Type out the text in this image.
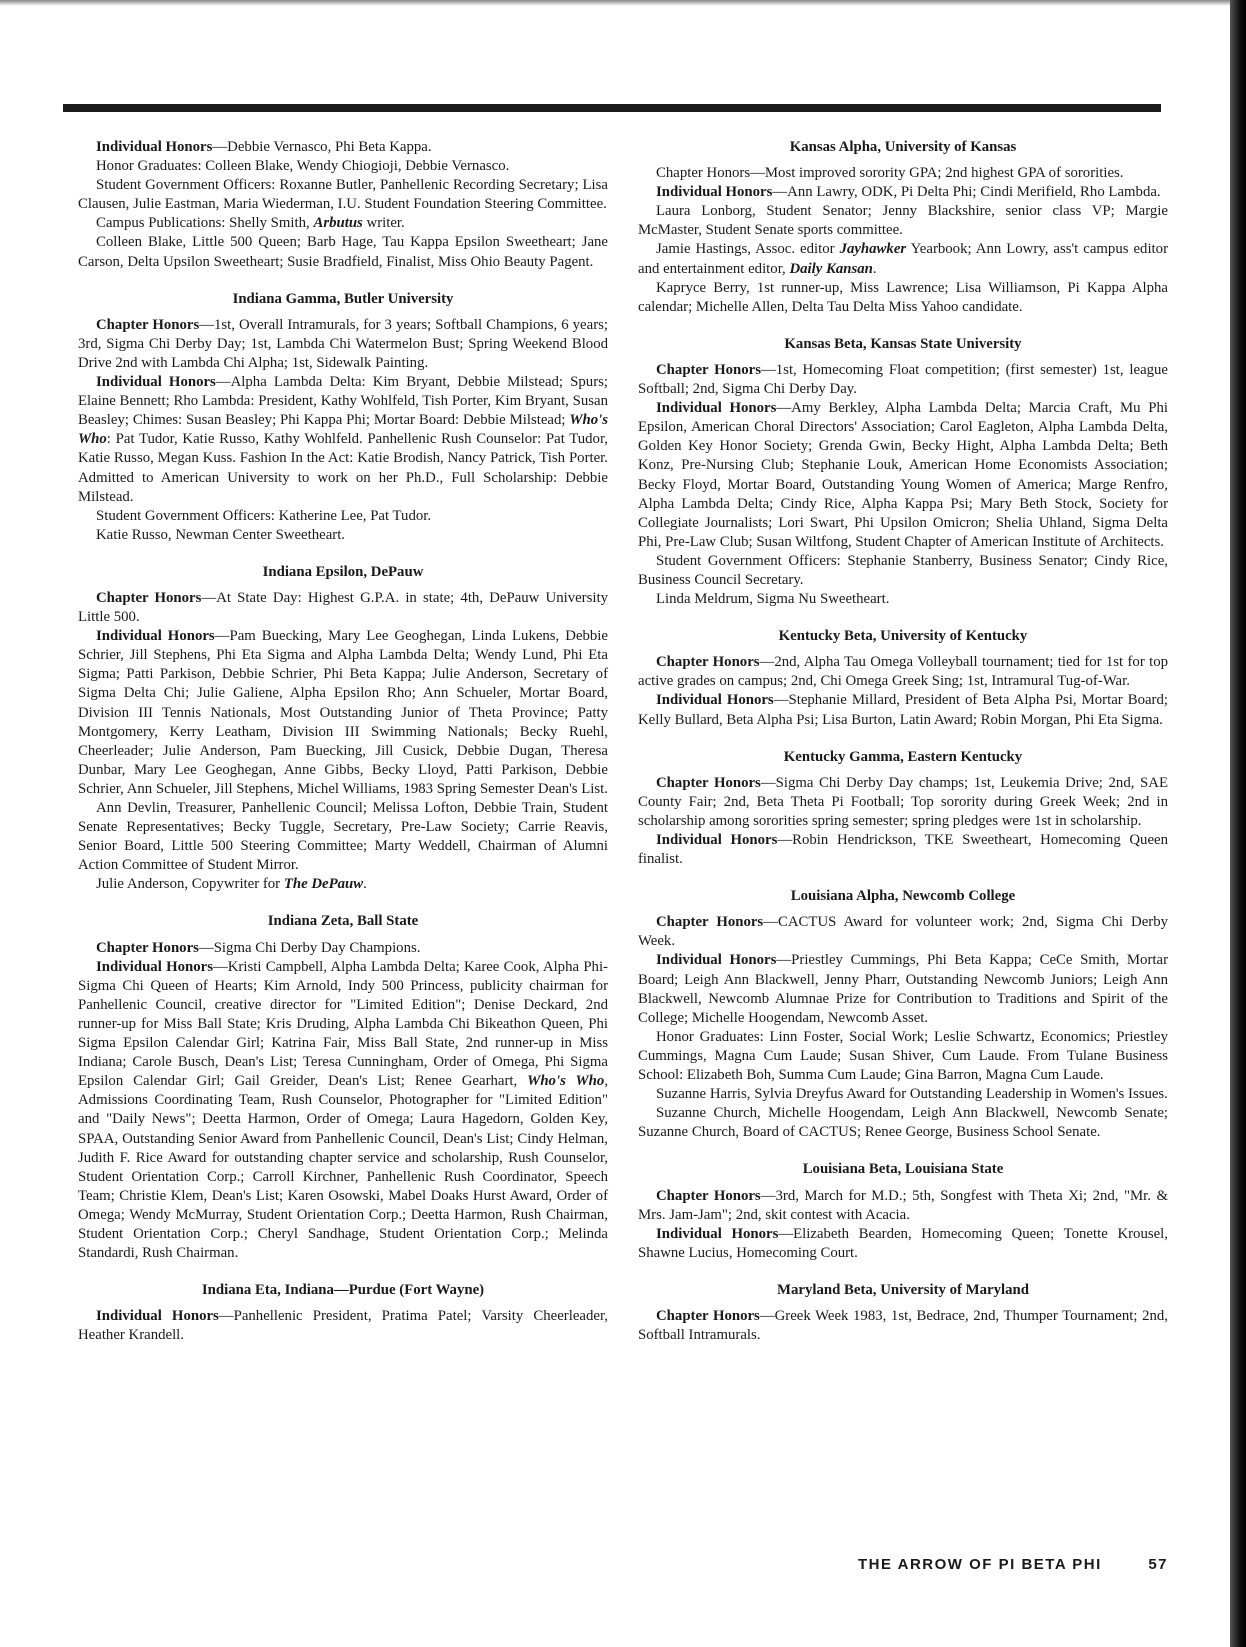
Individual Honors—Debbie Vernasco, Phi Beta Kappa.

Honor Graduates: Colleen Blake, Wendy Chiogioji, Debbie Vernasco.

Student Government Officers: Roxanne Butler, Panhellenic Recording Secretary; Lisa Clausen, Julie Eastman, Maria Wiederman, I.U. Student Foundation Steering Committee.

Campus Publications: Shelly Smith, Arbutus writer.

Colleen Blake, Little 500 Queen; Barb Hage, Tau Kappa Epsilon Sweetheart; Jane Carson, Delta Upsilon Sweetheart; Susie Bradfield, Finalist, Miss Ohio Beauty Pagent.

Indiana Gamma, Butler University

Chapter Honors—1st, Overall Intramurals, for 3 years; Softball Champions, 6 years; 3rd, Sigma Chi Derby Day; 1st, Lambda Chi Watermelon Bust; Spring Weekend Blood Drive 2nd with Lambda Chi Alpha; 1st, Sidewalk Painting.

Individual Honors—Alpha Lambda Delta: Kim Bryant, Debbie Milstead; Spurs; Elaine Bennett; Rho Lambda: President, Kathy Wohlfeld, Tish Porter, Kim Bryant, Susan Beasley; Chimes: Susan Beasley; Phi Kappa Phi; Mortar Board: Debbie Milstead; Who's Who: Pat Tudor, Katie Russo, Kathy Wohlfeld. Panhellenic Rush Counselor: Pat Tudor, Katie Russo, Megan Kuss. Fashion In the Act: Katie Brodish, Nancy Patrick, Tish Porter. Admitted to American University to work on her Ph.D., Full Scholarship: Debbie Milstead.

Student Government Officers: Katherine Lee, Pat Tudor.

Katie Russo, Newman Center Sweetheart.

Indiana Epsilon, DePauw

Chapter Honors—At State Day: Highest G.P.A. in state; 4th, DePauw University Little 500.

Individual Honors—Pam Buecking, Mary Lee Geoghegan, Linda Lukens, Debbie Schrier, Jill Stephens, Phi Eta Sigma and Alpha Lambda Delta; Wendy Lund, Phi Eta Sigma; Patti Parkison, Debbie Schrier, Phi Beta Kappa; Julie Anderson, Secretary of Sigma Delta Chi; Julie Galiene, Alpha Epsilon Rho; Ann Schueler, Mortar Board, Division III Tennis Nationals, Most Outstanding Junior of Theta Province; Patty Montgomery, Kerry Leatham, Division III Swimming Nationals; Becky Ruehl, Cheerleader; Julie Anderson, Pam Buecking, Jill Cusick, Debbie Dugan, Theresa Dunbar, Mary Lee Geoghegan, Anne Gibbs, Becky Lloyd, Patti Parkison, Debbie Schrier, Ann Schueler, Jill Stephens, Michel Williams, 1983 Spring Semester Dean's List.

Ann Devlin, Treasurer, Panhellenic Council; Melissa Lofton, Debbie Train, Student Senate Representatives; Becky Tuggle, Secretary, Pre-Law Society; Carrie Reavis, Senior Board, Little 500 Steering Committee; Marty Weddell, Chairman of Alumni Action Committee of Student Mirror.

Julie Anderson, Copywriter for The DePauw.

Indiana Zeta, Ball State

Chapter Honors—Sigma Chi Derby Day Champions.

Individual Honors—Kristi Campbell, Alpha Lambda Delta; Karee Cook, Alpha Phi-Sigma Chi Queen of Hearts; Kim Arnold, Indy 500 Princess, publicity chairman for Panhellenic Council, creative director for "Limited Edition"; Denise Deckard, 2nd runner-up for Miss Ball State; Kris Druding, Alpha Lambda Chi Bikeathon Queen, Phi Sigma Epsilon Calendar Girl; Katrina Fair, Miss Ball State, 2nd runner-up in Miss Indiana; Carole Busch, Dean's List; Teresa Cunningham, Order of Omega, Phi Sigma Epsilon Calendar Girl; Gail Greider, Dean's List; Renee Gearhart, Who's Who, Admissions Coordinating Team, Rush Counselor, Photographer for "Limited Edition" and "Daily News"; Deetta Harmon, Order of Omega; Laura Hagedorn, Golden Key, SPAA, Outstanding Senior Award from Panhellenic Council, Dean's List; Cindy Helman, Judith F. Rice Award for outstanding chapter service and scholarship, Rush Counselor, Student Orientation Corp.; Carroll Kirchner, Panhellenic Rush Coordinator, Speech Team; Christie Klem, Dean's List; Karen Osowski, Mabel Doaks Hurst Award, Order of Omega; Wendy McMurray, Student Orientation Corp.; Deetta Harmon, Rush Chairman, Student Orientation Corp.; Cheryl Sandhage, Student Orientation Corp.; Melinda Standardi, Rush Chairman.

Indiana Eta, Indiana—Purdue (Fort Wayne)

Individual Honors—Panhellenic President, Pratima Patel; Varsity Cheerleader, Heather Krandell.

Kansas Alpha, University of Kansas

Chapter Honors—Most improved sorority GPA; 2nd highest GPA of sororities.

Individual Honors—Ann Lawry, ODK, Pi Delta Phi; Cindi Merifield, Rho Lambda.

Laura Lonborg, Student Senator; Jenny Blackshire, senior class VP; Margie McMaster, Student Senate sports committee.

Jamie Hastings, Assoc. editor Jayhawker Yearbook; Ann Lowry, ass't campus editor and entertainment editor, Daily Kansan.

Kapryce Berry, 1st runner-up, Miss Lawrence; Lisa Williamson, Pi Kappa Alpha calendar; Michelle Allen, Delta Tau Delta Miss Yahoo candidate.

Kansas Beta, Kansas State University

Chapter Honors—1st, Homecoming Float competition; (first semester) 1st, league Softball; 2nd, Sigma Chi Derby Day.

Individual Honors—Amy Berkley, Alpha Lambda Delta; Marcia Craft, Mu Phi Epsilon, American Choral Directors' Association; Carol Eagleton, Alpha Lambda Delta, Golden Key Honor Society; Grenda Gwin, Becky Hight, Alpha Lambda Delta; Beth Konz, Pre-Nursing Club; Stephanie Louk, American Home Economists Association; Becky Floyd, Mortar Board, Outstanding Young Women of America; Marge Renfro, Alpha Lambda Delta; Cindy Rice, Alpha Kappa Psi; Mary Beth Stock, Society for Collegiate Journalists; Lori Swart, Phi Upsilon Omicron; Shelia Uhland, Sigma Delta Phi, Pre-Law Club; Susan Wiltfong, Student Chapter of American Institute of Architects.

Student Government Officers: Stephanie Stanberry, Business Senator; Cindy Rice, Business Council Secretary.

Linda Meldrum, Sigma Nu Sweetheart.

Kentucky Beta, University of Kentucky

Chapter Honors—2nd, Alpha Tau Omega Volleyball tournament; tied for 1st for top active grades on campus; 2nd, Chi Omega Greek Sing; 1st, Intramural Tug-of-War.

Individual Honors—Stephanie Millard, President of Beta Alpha Psi, Mortar Board; Kelly Bullard, Beta Alpha Psi; Lisa Burton, Latin Award; Robin Morgan, Phi Eta Sigma.

Kentucky Gamma, Eastern Kentucky

Chapter Honors—Sigma Chi Derby Day champs; 1st, Leukemia Drive; 2nd, SAE County Fair; 2nd, Beta Theta Pi Football; Top sorority during Greek Week; 2nd in scholarship among sororities spring semester; spring pledges were 1st in scholarship.

Individual Honors—Robin Hendrickson, TKE Sweetheart, Homecoming Queen finalist.

Louisiana Alpha, Newcomb College

Chapter Honors—CACTUS Award for volunteer work; 2nd, Sigma Chi Derby Week.

Individual Honors—Priestley Cummings, Phi Beta Kappa; CeCe Smith, Mortar Board; Leigh Ann Blackwell, Jenny Pharr, Outstanding Newcomb Juniors; Leigh Ann Blackwell, Newcomb Alumnae Prize for Contribution to Traditions and Spirit of the College; Michelle Hoogendam, Newcomb Asset.

Honor Graduates: Linn Foster, Social Work; Leslie Schwartz, Economics; Priestley Cummings, Magna Cum Laude; Susan Shiver, Cum Laude. From Tulane Business School: Elizabeth Boh, Summa Cum Laude; Gina Barron, Magna Cum Laude.

Suzanne Harris, Sylvia Dreyfus Award for Outstanding Leadership in Women's Issues.

Suzanne Church, Michelle Hoogendam, Leigh Ann Blackwell, Newcomb Senate; Suzanne Church, Board of CACTUS; Renee George, Business School Senate.

Louisiana Beta, Louisiana State

Chapter Honors—3rd, March for M.D.; 5th, Songfest with Theta Xi; 2nd, "Mr. & Mrs. Jam-Jam"; 2nd, skit contest with Acacia.

Individual Honors—Elizabeth Bearden, Homecoming Queen; Tonette Krousel, Shawne Lucius, Homecoming Court.

Maryland Beta, University of Maryland

Chapter Honors—Greek Week 1983, 1st, Bedrace, 2nd, Thumper Tournament; 2nd, Softball Intramurals.

THE ARROW OF PI BETA PHI	57
